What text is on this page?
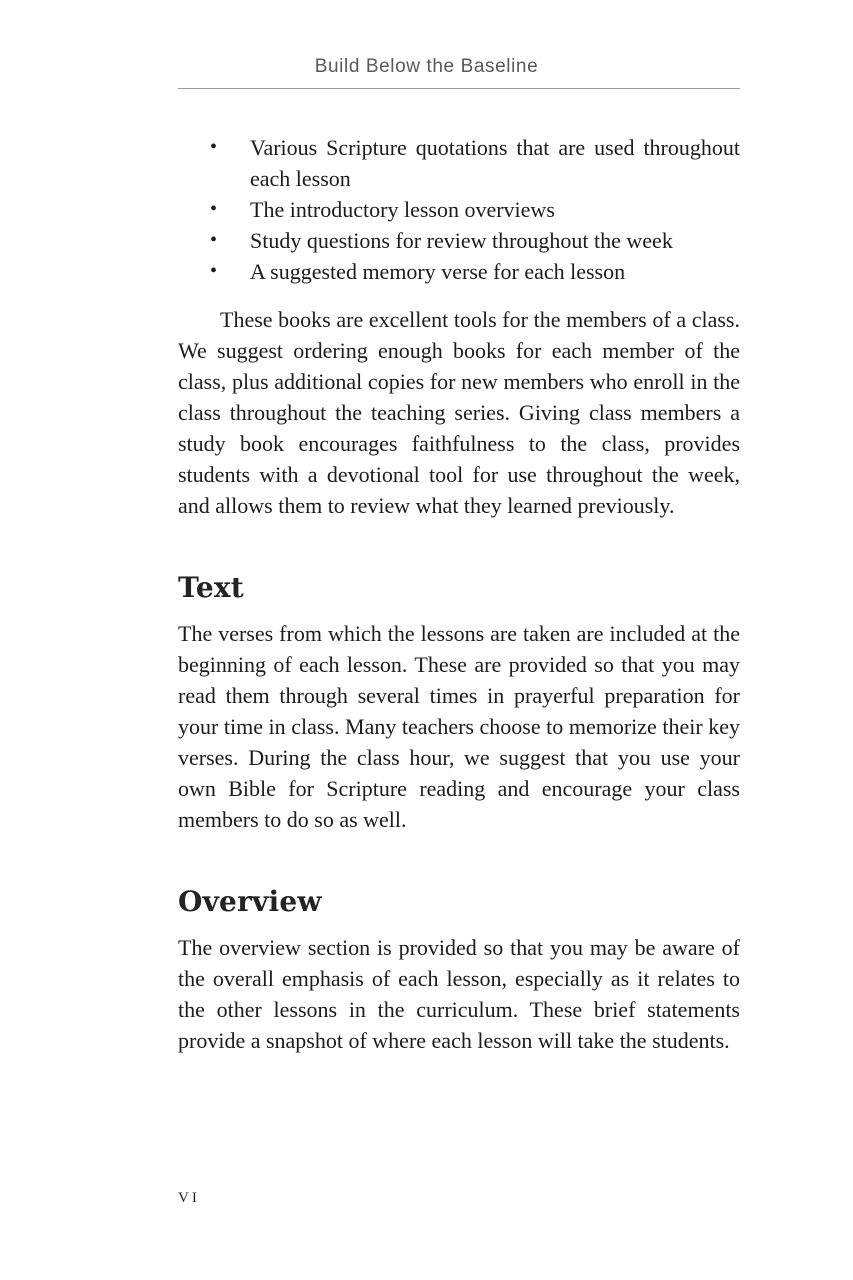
Build Below the Baseline
• Various Scripture quotations that are used throughout each lesson
• The introductory lesson overviews
• Study questions for review throughout the week
• A suggested memory verse for each lesson

These books are excellent tools for the members of a class. We suggest ordering enough books for each member of the class, plus additional copies for new members who enroll in the class throughout the teaching series. Giving class members a study book encourages faithfulness to the class, provides students with a devotional tool for use throughout the week, and allows them to review what they learned previously.

Text

The verses from which the lessons are taken are included at the beginning of each lesson. These are provided so that you may read them through several times in prayerful preparation for your time in class. Many teachers choose to memorize their key verses. During the class hour, we suggest that you use your own Bible for Scripture reading and encourage your class members to do so as well.

Overview

The overview section is provided so that you may be aware of the overall emphasis of each lesson, especially as it relates to the other lessons in the curriculum. These brief statements provide a snapshot of where each lesson will take the students.

VI
